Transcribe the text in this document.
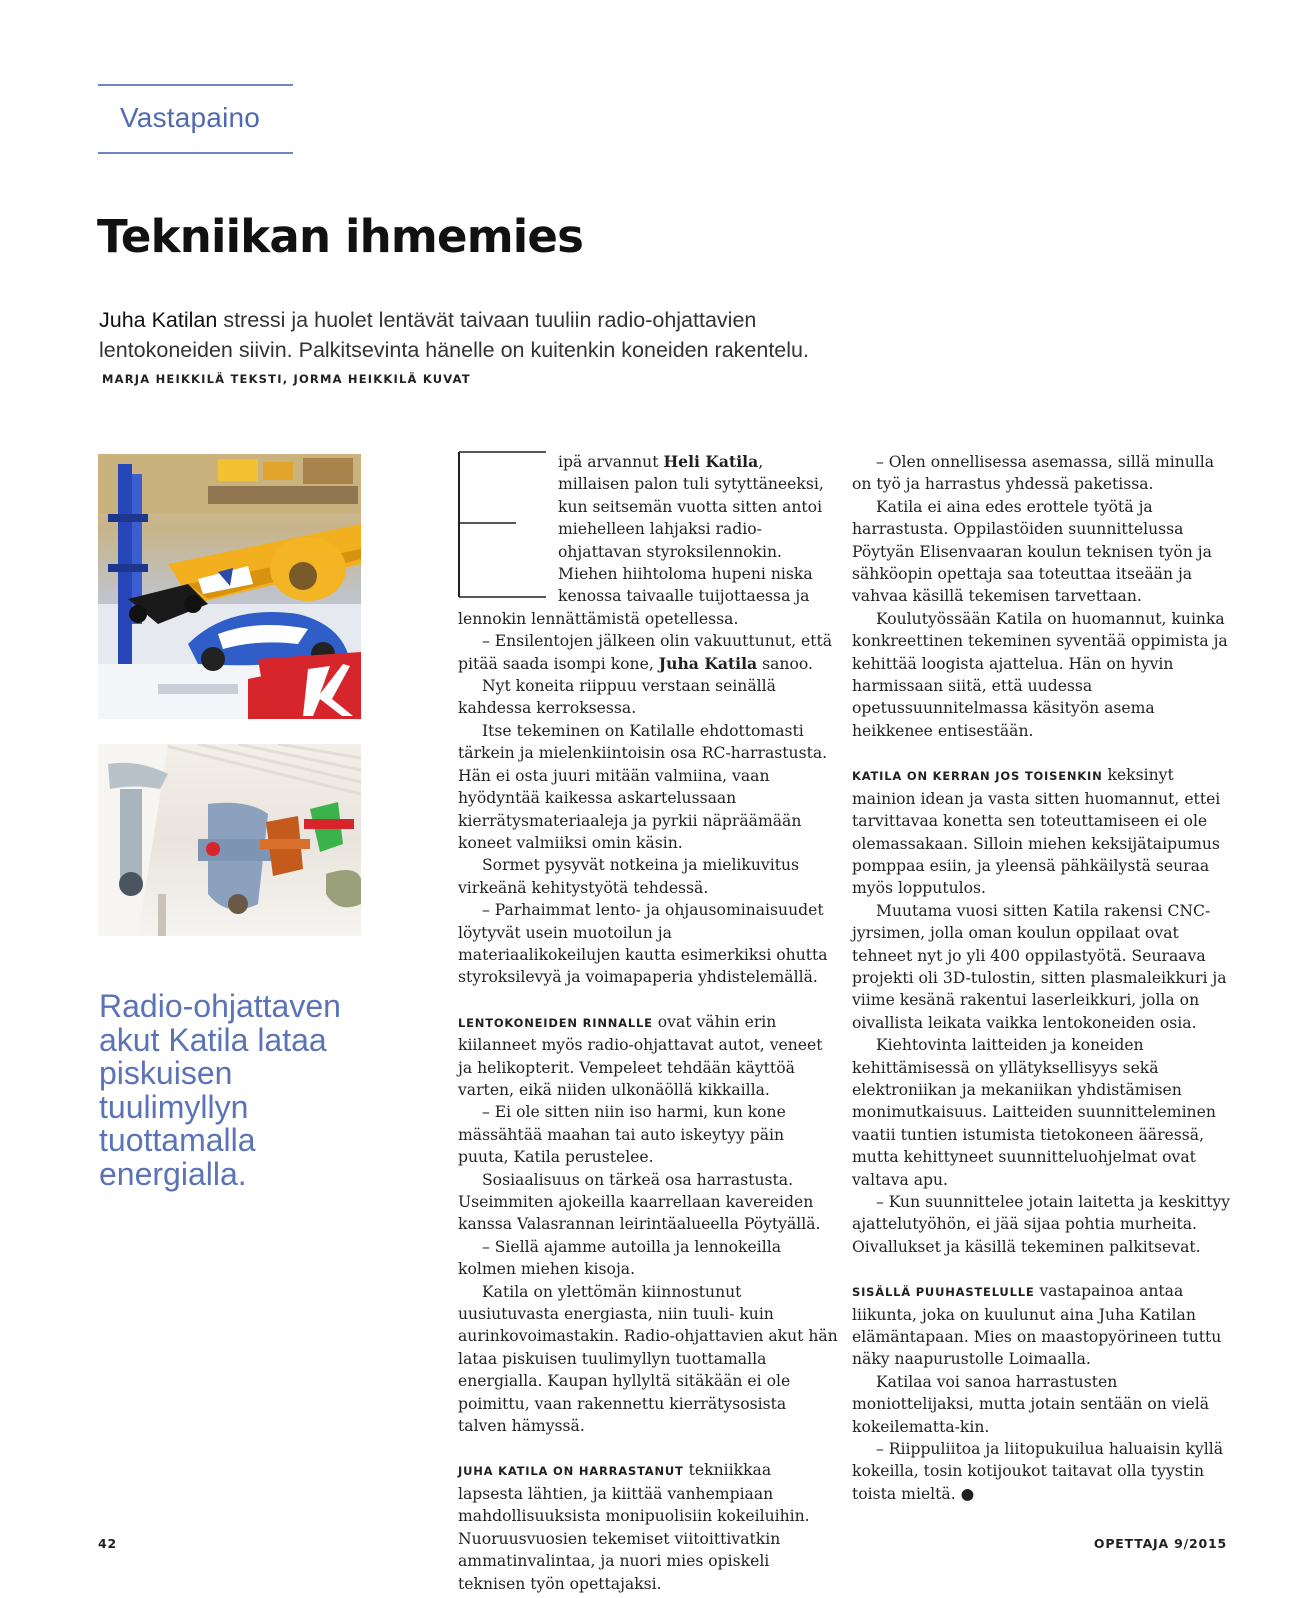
Vastapaino
Tekniikan ihmemies

Juha Katilan stressi ja huolet lentävät taivaan tuuliin radio-ohjattavien
lentokoneiden siivin. Palkitsevinta hänelle on kuitenkin koneiden rakentelu.

MARJA HEIKKILÄ TEKSTI, JORMA HEIKKILÄ KUVAT

Radio-ohjattaven akut Katila lataa piskuisen tuulimyllyn tuottamalla energialla.

ipä arvannut Heli Katila, millaisen palon tuli sytyttäneeksi, kun seitsemän vuotta sitten antoi miehelleen lahjaksi radio-ohjattavan styroksilennokin. Miehen hiihtoloma hupeni niska kenossa taivaalle tuijottaessa ja lennokin lennättämistä opetellessa.

– Ensilentojen jälkeen olin vakuuttunut, että pitää saada isompi kone, Juha Katila sanoo.

Nyt koneita riippuu verstaan seinällä kahdessa kerroksessa.

Itse tekeminen on Katilalle ehdottomasti tärkein ja mielenkiintoisin osa RC-harrastusta. Hän ei osta juuri mitään valmiina, vaan hyödyntää kaikessa askartelussaan kierrätysmateriaaleja ja pyrkii näpräämään koneet valmiiksi omin käsin.

Sormet pysyvät notkeina ja mielikuvitus virkeänä kehitystyötä tehdessä.

– Parhaimmat lento- ja ohjausominaisuudet löytyvät usein muotoilun ja materiaalikokeilujen kautta esimerkiksi ohutta styroksilevyä ja voimapaperia yhdistelemällä.

LENTOKONEIDEN RINNALLE ovat vähin erin kiilanneet myös radio-ohjattavat autot, veneet ja helikopterit. Vempeleet tehdään käyttöä varten, eikä niiden ulkonäöllä kikkailla.

– Ei ole sitten niin iso harmi, kun kone mässähtää maahan tai auto iskeytyy päin puuta, Katila perustelee.

Sosiaalisuus on tärkeä osa harrastusta. Useimmiten ajokeilla kaarrellaan kavereiden kanssa Valasrannan leirintäalueella Pöytyällä.

– Siellä ajamme autoilla ja lennokeilla kolmen miehen kisoja.

Katila on ylettömän kiinnostunut uusiutuvasta energiasta, niin tuuli- kuin aurinkovoimastakin. Radio-ohjattavien akut hän lataa piskuisen tuulimyllyn tuottamalla energialla. Kaupan hyllyltä sitäkään ei ole poimittu, vaan rakennettu kierrätysosista talven hämyssä.

JUHA KATILA ON HARRASTANUT tekniikkaa lapsesta lähtien, ja kiittää vanhempiaan mahdollisuuksista monipuolisiin kokeiluihin. Nuoruusvuosien tekemiset viitoittivatkin ammatinvalintaa, ja nuori mies opiskeli teknisen työn opettajaksi.

– Olen onnellisessa asemassa, sillä minulla on työ ja harrastus yhdessä paketissa.

Katila ei aina edes erottele työtä ja harrastusta. Oppilastöiden suunnittelussa Pöytyän Elisenvaaran koulun teknisen työn ja sähköopin opettaja saa toteuttaa itseään ja vahvaa käsillä tekemisen tarvettaan.

Koulutyössään Katila on huomannut, kuinka konkreettinen tekeminen syventää oppimista ja kehittää loogista ajattelua. Hän on hyvin harmissaan siitä, että uudessa opetussuunnitelmassa käsityön asema heikkenee entisestään.

KATILA ON KERRAN JOS TOISENKIN keksinyt mainion idean ja vasta sitten huomannut, ettei tarvittavaa konetta sen toteuttamiseen ei ole olemassakaan. Silloin miehen keksijätaipumus pomppaa esiin, ja yleensä pähkäilystä seuraa myös lopputulos.

Muutama vuosi sitten Katila rakensi CNC-jyrsimen, jolla oman koulun oppilaat ovat tehneet nyt jo yli 400 oppilastyötä. Seuraava projekti oli 3D-tulostin, sitten plasmaleikkuri ja viime kesänä rakentui laserleikkuri, jolla on oivallista leikata vaikka lentokoneiden osia.

Kiehtovinta laitteiden ja koneiden kehittämisessä on yllätyksellisyys sekä elektroniikan ja mekaniikan yhdistämisen monimutkaisuus. Laitteiden suunnitteleminen vaatii tuntien istumista tietokoneen ääressä, mutta kehittyneet suunnitteluohjelmat ovat valtava apu.

– Kun suunnittelee jotain laitetta ja keskittyy ajattelutyöhön, ei jää sijaa pohtia murheita. Oivallukset ja käsillä tekeminen palkitsevat.

SISÄLLÄ PUUHASTELULLE vastapainoa antaa liikunta, joka on kuulunut aina Juha Katilan elämäntapaan. Mies on maastopyörineen tuttu näky naapurustolle Loimaalla.

Katilaa voi sanoa harrastusten moniottelijaksi, mutta jotain sentään on vielä kokeilematta-kin.

– Riippuliitoa ja liitopukuilua haluaisin kyllä kokeilla, tosin kotijoukot taitavat olla tyystin toista mieltä. ●

42	OPETTAJA 9/2015
